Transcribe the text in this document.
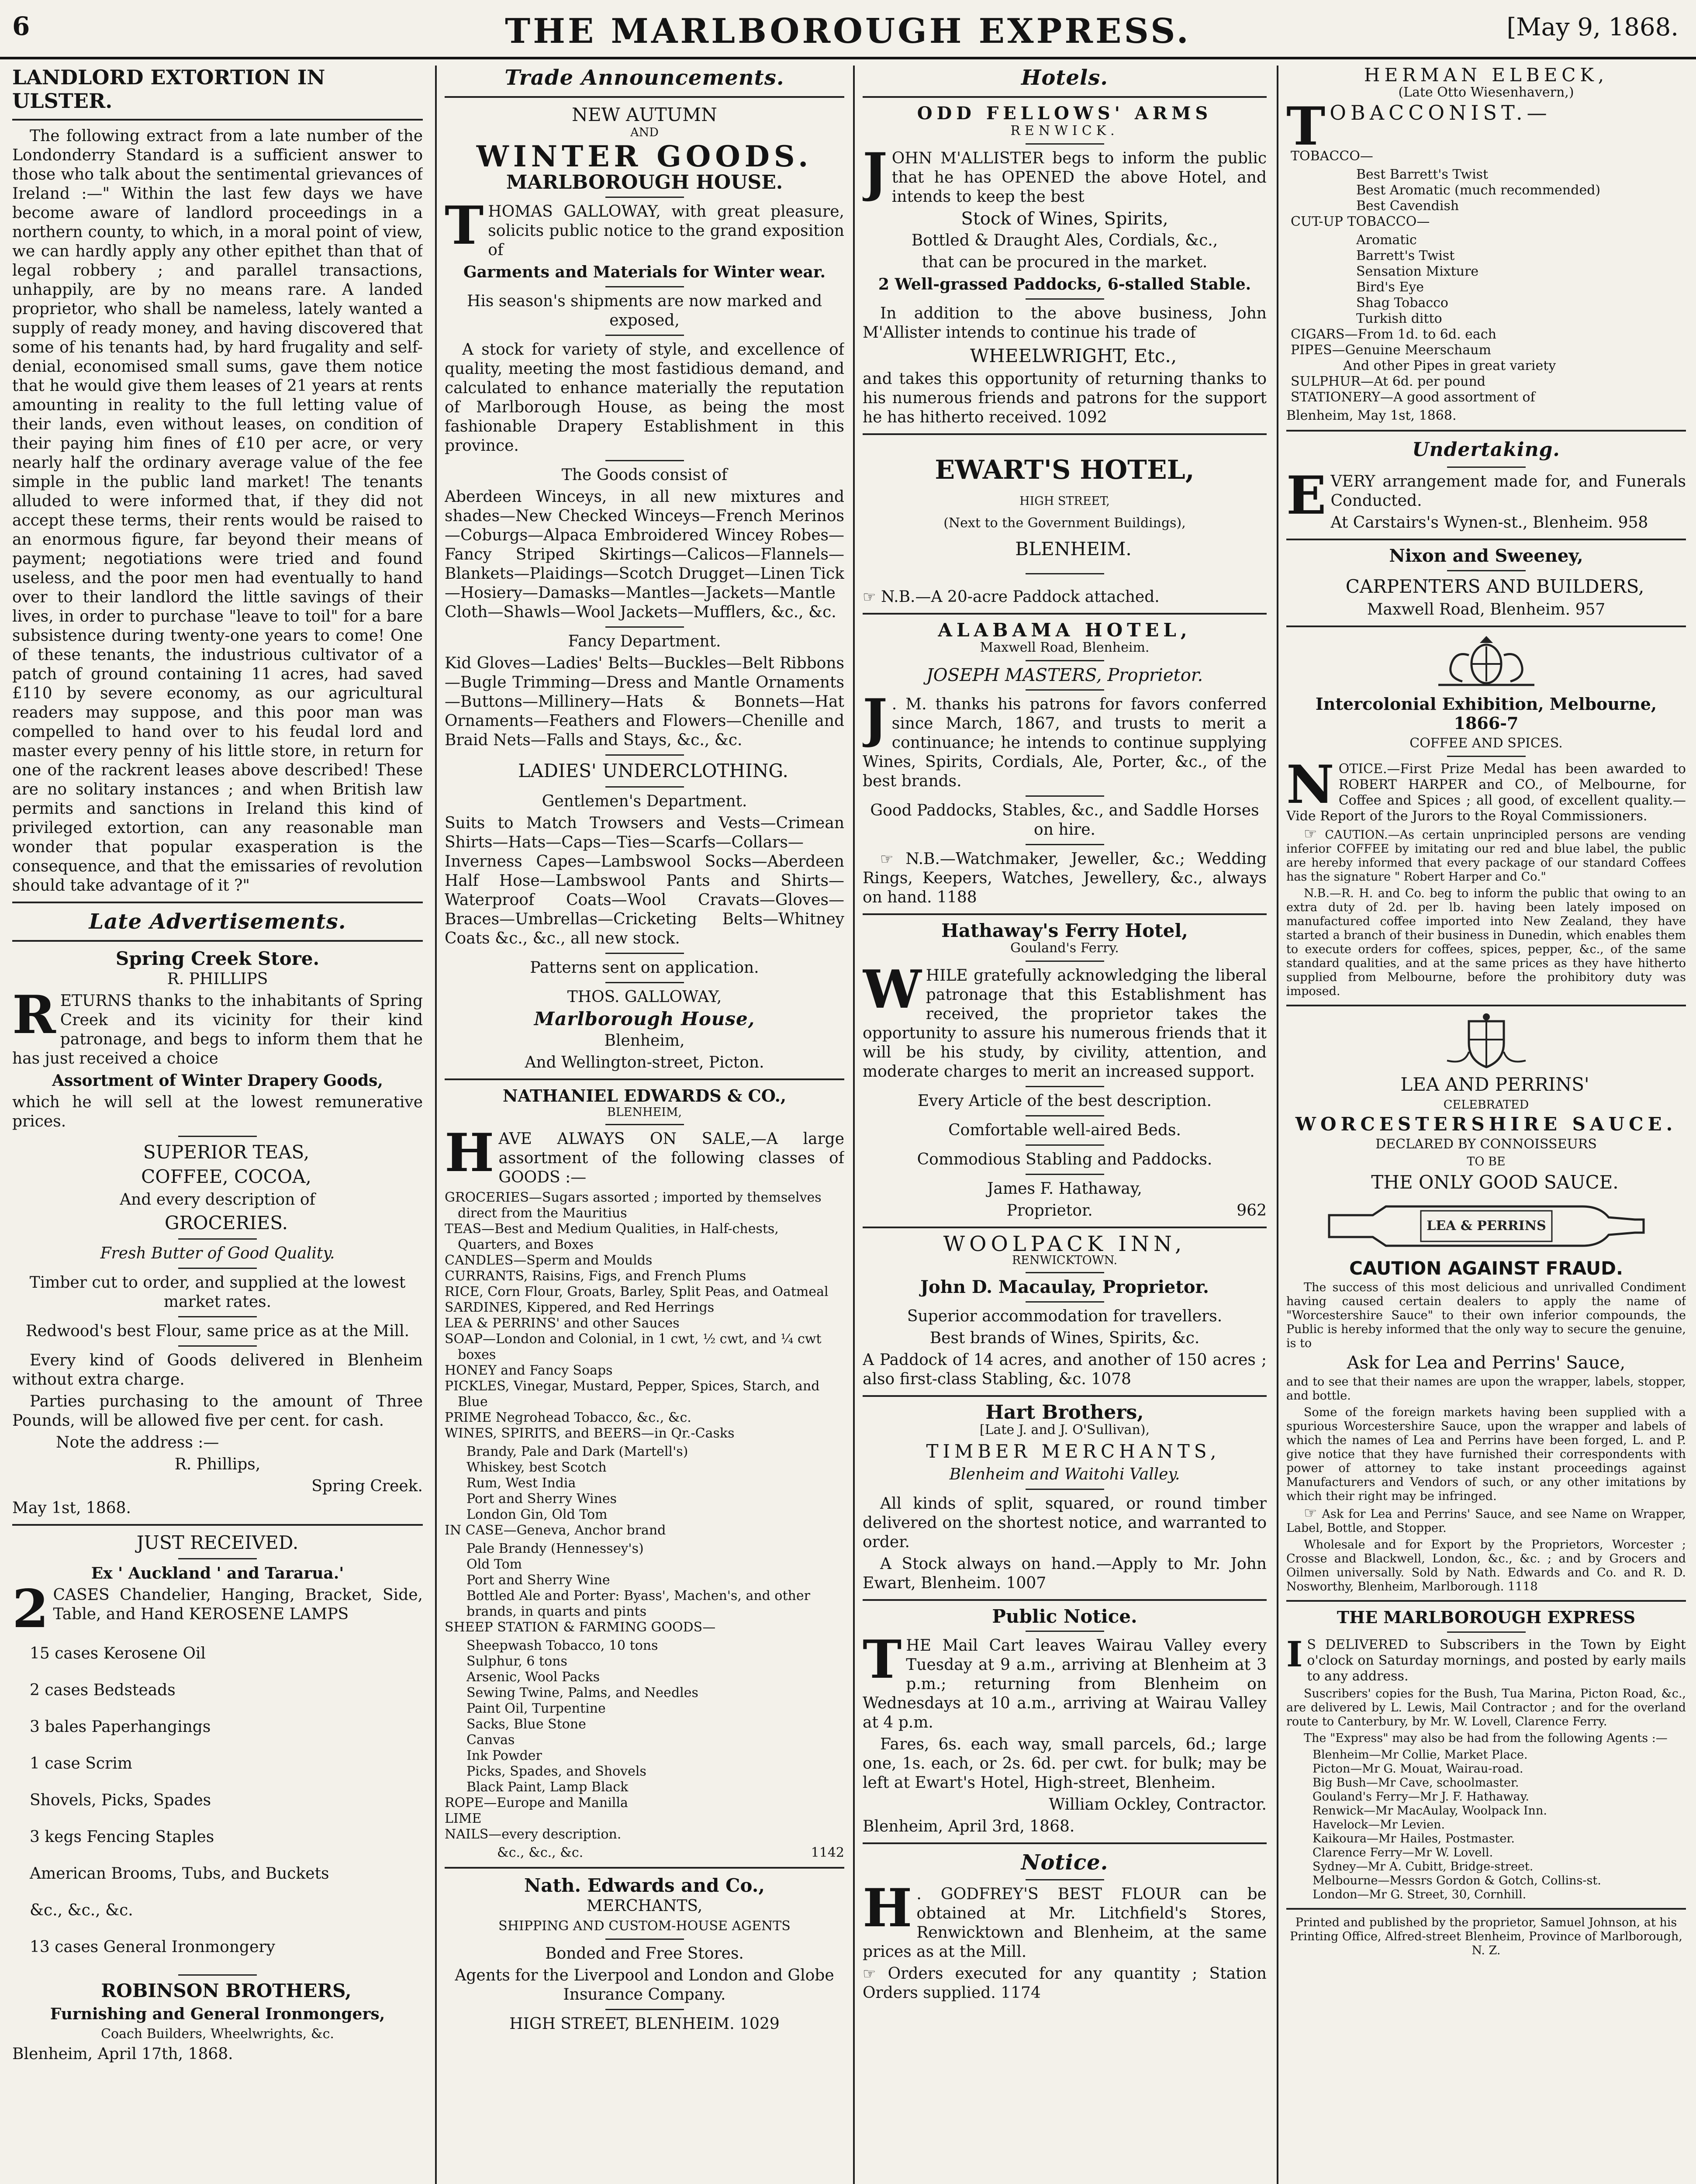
6	THE MARLBOROUGH EXPRESS.	[May 9, 1868.
LANDLORD EXTORTION IN ULSTER.

The following extract from a late number of the Londonderry Standard is a sufficient answer to those who talk about the sentimental grievances of Ireland :—" Within the last few days we have become aware of landlord proceedings in a northern county, to which, in a moral point of view, we can hardly apply any other epithet than that of legal robbery ; and parallel transactions, unhappily, are by no means rare. A landed proprietor, who shall be nameless, lately wanted a supply of ready money, and having discovered that some of his tenants had, by hard frugality and self-denial, economised small sums, gave them notice that he would give them leases of 21 years at rents amounting in reality to the full letting value of their lands, even without leases, on condition of their paying him fines of £10 per acre, or very nearly half the ordinary average value of the fee simple in the public land market! The tenants alluded to were informed that, if they did not accept these terms, their rents would be raised to an enormous figure, far beyond their means of payment; negotiations were tried and found useless, and the poor men had eventually to hand over to their landlord the little savings of their lives, in order to purchase "leave to toil" for a bare subsistence during twenty-one years to come! One of these tenants, the industrious cultivator of a patch of ground containing 11 acres, had saved £110 by severe economy, as our agricultural readers may suppose, and this poor man was compelled to hand over to his feudal lord and master every penny of his little store, in return for one of the rackrent leases above described! These are no solitary instances ; and when British law permits and sanctions in Ireland this kind of privileged extortion, can any reasonable man wonder that popular exasperation is the consequence, and that the emissaries of revolution should take advantage of it ?"

Late Advertisements.
Spring Creek Store.

R. PHILLIPS

RETURNS thanks to the inhabitants of Spring Creek and its vicinity for their kind patronage, and begs to inform them that he has just received a choice

Assortment of Winter Drapery Goods,

which he will sell at the lowest remunerative prices.

SUPERIOR TEAS,

COFFEE, COCOA,

And every description of

GROCERIES.

Fresh Butter of Good Quality.

Timber cut to order, and supplied at the lowest market rates.

Redwood's best Flour, same price as at the Mill.

Every kind of Goods delivered in Blenheim without extra charge.

Parties purchasing to the amount of Three Pounds, will be allowed five per cent. for cash.

Note the address :—

R. Phillips,

Spring Creek.

May 1st, 1868.

JUST RECEIVED.

Ex ' Auckland ' and Tararua.'

2 CASES Chandelier, Hanging, Bracket, Side, Table, and Hand KEROSENE LAMPS

15 cases Kerosene Oil

2 cases Bedsteads

3 bales Paperhangings

1 case Scrim

Shovels, Picks, Spades

3 kegs Fencing Staples

American Brooms, Tubs, and Buckets

&c., &c., &c.

13 cases General Ironmongery

ROBINSON BROTHERS,

Furnishing and General Ironmongers,

Coach Builders, Wheelwrights, &c.

Blenheim, April 17th, 1868.

Trade Announcements.
NEW AUTUMN
AND
WINTER GOODS.
MARLBOROUGH HOUSE.

THOMAS GALLOWAY, with great pleasure, solicits public notice to the grand exposition of

Garments and Materials for Winter wear.

His season's shipments are now marked and exposed,

A stock for variety of style, and excellence of quality, meeting the most fastidious demand, and calculated to enhance materially the reputation of Marlborough House, as being the most fashionable Drapery Establishment in this province.

The Goods consist of

Aberdeen Winceys, in all new mixtures and shades—New Checked Winceys—French Merinos—Coburgs—Alpaca Embroidered Wincey Robes—Fancy Striped Skirtings—Calicos—Flannels—Blankets—Plaidings—Scotch Drugget—Linen Tick—Hosiery—Damasks—Mantles—Jackets—Mantle Cloth—Shawls—Wool Jackets—Mufflers, &c., &c.

Fancy Department.

Kid Gloves—Ladies' Belts—Buckles—Belt Ribbons—Bugle Trimming—Dress and Mantle Ornaments—Buttons—Millinery—Hats & Bonnets—Hat Ornaments—Feathers and Flowers—Chenille and Braid Nets—Falls and Stays, &c., &c.

LADIES' UNDERCLOTHING.

Gentlemen's Department.

Suits to Match Trowsers and Vests—Crimean Shirts—Hats—Caps—Ties—Scarfs—Collars—Inverness Capes—Lambswool Socks—Aberdeen Half Hose—Lambswool Pants and Shirts—Waterproof Coats—Wool Cravats—Gloves—Braces—Umbrellas—Cricketing Belts—Whitney Coats &c., &c., all new stock.

Patterns sent on application.

THOS. GALLOWAY,

Marlborough House,

Blenheim,

And Wellington-street, Picton.

NATHANIEL EDWARDS & CO.,
BLENHEIM,

HAVE ALWAYS ON SALE,—A large assortment of the following classes of GOODS :—

GROCERIES—Sugars assorted ; imported by themselves direct from the Mauritius
TEAS—Best and Medium Qualities, in Half-chests, Quarters, and Boxes
CANDLES—Sperm and Moulds
CURRANTS, Raisins, Figs, and French Plums
RICE, Corn Flour, Groats, Barley, Split Peas, and Oatmeal
SARDINES, Kippered, and Red Herrings
LEA & PERRINS' and other Sauces
SOAP—London and Colonial, in 1 cwt, ½ cwt, and ¼ cwt boxes
HONEY and Fancy Soaps
PICKLES, Vinegar, Mustard, Pepper, Spices, Starch, and Blue
PRIME Negrohead Tobacco, &c., &c.
WINES, SPIRITS, and BEERS—in Qr.-Casks
Brandy, Pale and Dark (Martell's)
Whiskey, best Scotch
Rum, West India
Port and Sherry Wines
London Gin, Old Tom
IN CASE—Geneva, Anchor brand
Pale Brandy (Hennessey's)
Old Tom
Port and Sherry Wine
Bottled Ale and Porter: Byass', Machen's, and other brands, in quarts and pints
SHEEP STATION & FARMING GOODS—
Sheepwash Tobacco, 10 tons
Sulphur, 6 tons
Arsenic, Wool Packs
Sewing Twine, Palms, and Needles
Paint Oil, Turpentine
Sacks, Blue Stone
Canvas
Ink Powder
Picks, Spades, and Shovels
Black Paint, Lamp Black
ROPE—Europe and Manilla
LIME
NAILS—every description.

&c., &c., &c.	1142

Nath. Edwards and Co.,

MERCHANTS,

SHIPPING AND CUSTOM-HOUSE AGENTS

Bonded and Free Stores.

Agents for the Liverpool and London and Globe Insurance Company.

HIGH STREET, BLENHEIM. 1029

Hotels.
ODD FELLOWS' ARMS
RENWICK.

JOHN M'ALLISTER begs to inform the public that he has OPENED the above Hotel, and intends to keep the best

Stock of Wines, Spirits,

Bottled & Draught Ales, Cordials, &c.,

that can be procured in the market.

2 Well-grassed Paddocks, 6-stalled Stable.

In addition to the above business, John M'Allister intends to continue his trade of

WHEELWRIGHT, Etc.,

and takes this opportunity of returning thanks to his numerous friends and patrons for the support he has hitherto received. 1092

EWART'S HOTEL,

HIGH STREET,

(Next to the Government Buildings),

BLENHEIM.

☞ N.B.—A 20-acre Paddock attached.

ALABAMA HOTEL,

Maxwell Road, Blenheim.

JOSEPH MASTERS, Proprietor.

J . M. thanks his patrons for favors conferred since March, 1867, and trusts to merit a continuance; he intends to continue supplying Wines, Spirits, Cordials, Ale, Porter, &c., of the best brands.

Good Paddocks, Stables, &c., and Saddle Horses on hire.

☞ N.B.—Watchmaker, Jeweller, &c.; Wedding Rings, Keepers, Watches, Jewellery, &c., always on hand. 1188

Hathaway's Ferry Hotel,

Gouland's Ferry.

WHILE gratefully acknowledging the liberal patronage that this Establishment has received, the proprietor takes the opportunity to assure his numerous friends that it will be his study, by civility, attention, and moderate charges to merit an increased support.

Every Article of the best description.

Comfortable well-aired Beds.

Commodious Stabling and Paddocks.

James F. Hathaway,

Proprietor.	962

WOOLPACK INN,

RENWICKTOWN.

John D. Macaulay, Proprietor.

Superior accommodation for travellers.

Best brands of Wines, Spirits, &c.

A Paddock of 14 acres, and another of 150 acres ; also first-class Stabling, &c. 1078

Hart Brothers,

[Late J. and J. O'Sullivan),

TIMBER MERCHANTS,

Blenheim and Waitohi Valley.

All kinds of split, squared, or round timber delivered on the shortest notice, and warranted to order.

A Stock always on hand.—Apply to Mr. John Ewart, Blenheim. 1007

Public Notice.

THE Mail Cart leaves Wairau Valley every Tuesday at 9 a.m., arriving at Blenheim at 3 p.m.; returning from Blenheim on Wednesdays at 10 a.m., arriving at Wairau Valley at 4 p.m.

Fares, 6s. each way, small parcels, 6d.; large one, 1s. each, or 2s. 6d. per cwt. for bulk; may be left at Ewart's Hotel, High-street, Blenheim.

William Ockley, Contractor.

Blenheim, April 3rd, 1868.

Notice.

H . GODFREY'S BEST FLOUR can be obtained at Mr. Litchfield's Stores, Renwicktown and Blenheim, at the same prices as at the Mill.

☞ Orders executed for any quantity ; Station Orders supplied. 1174

HERMAN ELBECK,

(Late Otto Wiesenhavern,)

TOBACCONIST.—

TOBACCO—
Best Barrett's Twist
Best Aromatic (much recommended)
Best Cavendish
CUT-UP TOBACCO—
Aromatic
Barrett's Twist
Sensation Mixture
Bird's Eye
Shag Tobacco
Turkish ditto
CIGARS—From 1d. to 6d. each
PIPES—Genuine Meerschaum
And other Pipes in great variety
SULPHUR—At 6d. per pound
STATIONERY—A good assortment of

Blenheim, May 1st, 1868.

Undertaking.

EVERY arrangement made for, and Funerals Conducted.

At Carstairs's Wynen-st., Blenheim. 958

Nixon and Sweeney,

CARPENTERS AND BUILDERS,

Maxwell Road, Blenheim. 957

Intercolonial Exhibition, Melbourne, 1866-7

COFFEE AND SPICES.

NOTICE.—First Prize Medal has been awarded to ROBERT HARPER and CO., of Melbourne, for Coffee and Spices ; all good, of excellent quality.—Vide Report of the Jurors to the Royal Commissioners.

☞ CAUTION.—As certain unprincipled persons are vending inferior COFFEE by imitating our red and blue label, the public are hereby informed that every package of our standard Coffees has the signature " Robert Harper and Co."

N.B.—R. H. and Co. beg to inform the public that owing to an extra duty of 2d. per lb. having been lately imposed on manufactured coffee imported into New Zealand, they have started a branch of their business in Dunedin, which enables them to execute orders for coffees, spices, pepper, &c., of the same standard qualities, and at the same prices as they have hitherto supplied from Melbourne, before the prohibitory duty was imposed.

LEA AND PERRINS'

CELEBRATED

WORCESTERSHIRE SAUCE.

DECLARED BY CONNOISSEURS

TO BE

THE ONLY GOOD SAUCE.

LEA & PERRINS

CAUTION AGAINST FRAUD.

The success of this most delicious and unrivalled Condiment having caused certain dealers to apply the name of "Worcestershire Sauce" to their own inferior compounds, the Public is hereby informed that the only way to secure the genuine, is to

Ask for Lea and Perrins' Sauce,

and to see that their names are upon the wrapper, labels, stopper, and bottle.

Some of the foreign markets having been supplied with a spurious Worcestershire Sauce, upon the wrapper and labels of which the names of Lea and Perrins have been forged, L. and P. give notice that they have furnished their correspondents with power of attorney to take instant proceedings against Manufacturers and Vendors of such, or any other imitations by which their right may be infringed.

☞ Ask for Lea and Perrins' Sauce, and see Name on Wrapper, Label, Bottle, and Stopper.

Wholesale and for Export by the Proprietors, Worcester ; Crosse and Blackwell, London, &c., &c. ; and by Grocers and Oilmen universally. Sold by Nath. Edwards and Co. and R. D. Nosworthy, Blenheim, Marlborough. 1118

THE MARLBOROUGH EXPRESS

I S DELIVERED to Subscribers in the Town by Eight o'clock on Saturday mornings, and posted by early mails to any address.

Suscribers' copies for the Bush, Tua Marina, Picton Road, &c., are delivered by L. Lewis, Mail Contractor ; and for the overland route to Canterbury, by Mr. W. Lovell, Clarence Ferry.

The "Express" may also be had from the following Agents :—

Blenheim—Mr Collie, Market Place.
Picton—Mr G. Mouat, Wairau-road.
Big Bush—Mr Cave, schoolmaster.
Gouland's Ferry—Mr J. F. Hathaway.
Renwick—Mr MacAulay, Woolpack Inn.
Havelock—Mr Levien.
Kaikoura—Mr Hailes, Postmaster.
Clarence Ferry—Mr W. Lovell.
Sydney—Mr A. Cubitt, Bridge-street.
Melbourne—Messrs Gordon & Gotch, Collins-st.
London—Mr G. Street, 30, Cornhill.

Printed and published by the proprietor, Samuel Johnson, at his Printing Office, Alfred-street Blenheim, Province of Marlborough, N. Z.
